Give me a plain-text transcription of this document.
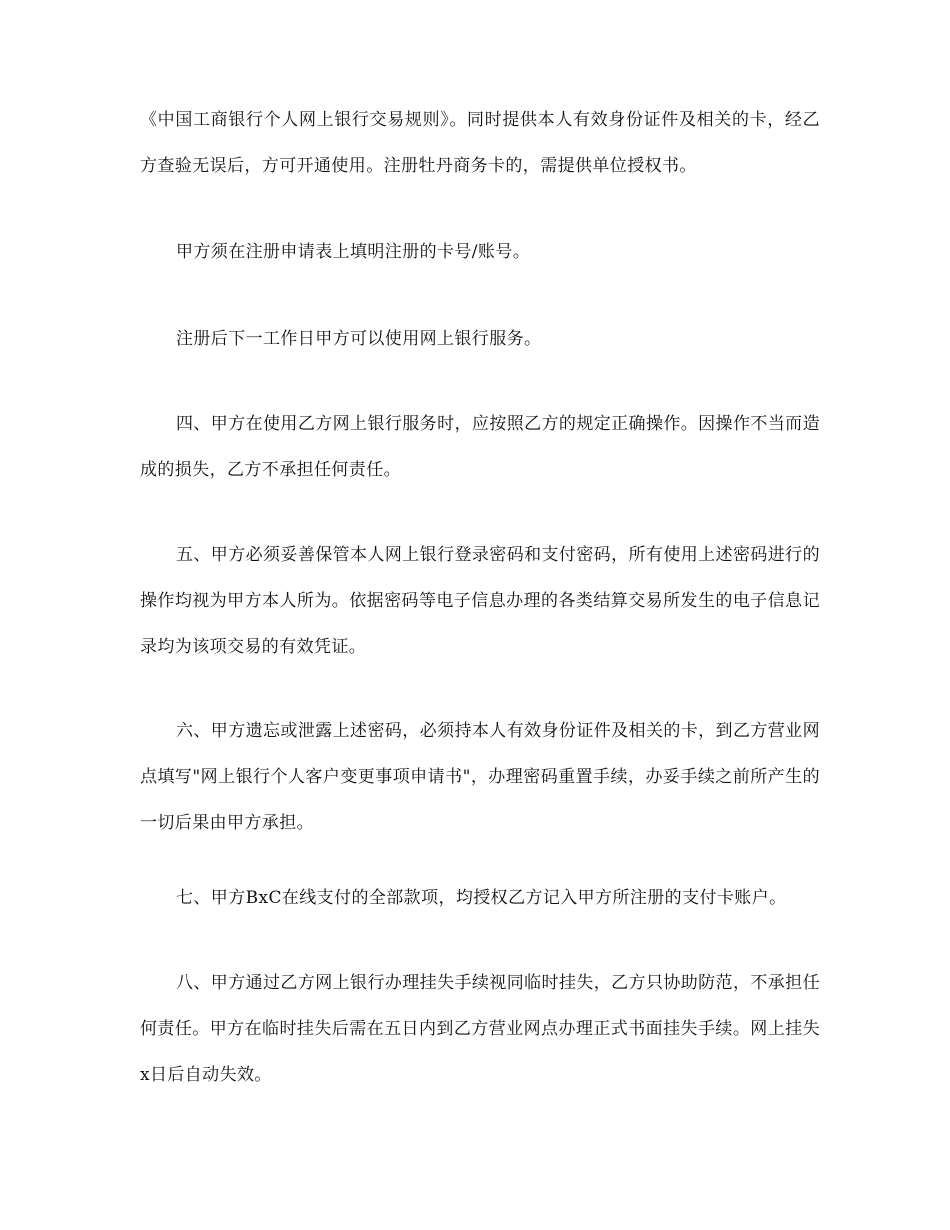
《中国工商银行个人网上银行交易规则》。同时提供本人有效身份证件及相关的卡，经乙方查验无误后，方可开通使用。注册牡丹商务卡的，需提供单位授权书。

甲方须在注册申请表上填明注册的卡号/账号。

注册后下一工作日甲方可以使用网上银行服务。

四、甲方在使用乙方网上银行服务时，应按照乙方的规定正确操作。因操作不当而造成的损失，乙方不承担任何责任。

五、甲方必须妥善保管本人网上银行登录密码和支付密码，所有使用上述密码进行的操作均视为甲方本人所为。依据密码等电子信息办理的各类结算交易所发生的电子信息记录均为该项交易的有效凭证。

六、甲方遗忘或泄露上述密码，必须持本人有效身份证件及相关的卡，到乙方营业网点填写"网上银行个人客户变更事项申请书"，办理密码重置手续，办妥手续之前所产生的一切后果由甲方承担。

七、甲方BxC在线支付的全部款项，均授权乙方记入甲方所注册的支付卡账户。

八、甲方通过乙方网上银行办理挂失手续视同临时挂失，乙方只协助防范，不承担任何责任。甲方在临时挂失后需在五日内到乙方营业网点办理正式书面挂失手续。网上挂失x日后自动失效。
